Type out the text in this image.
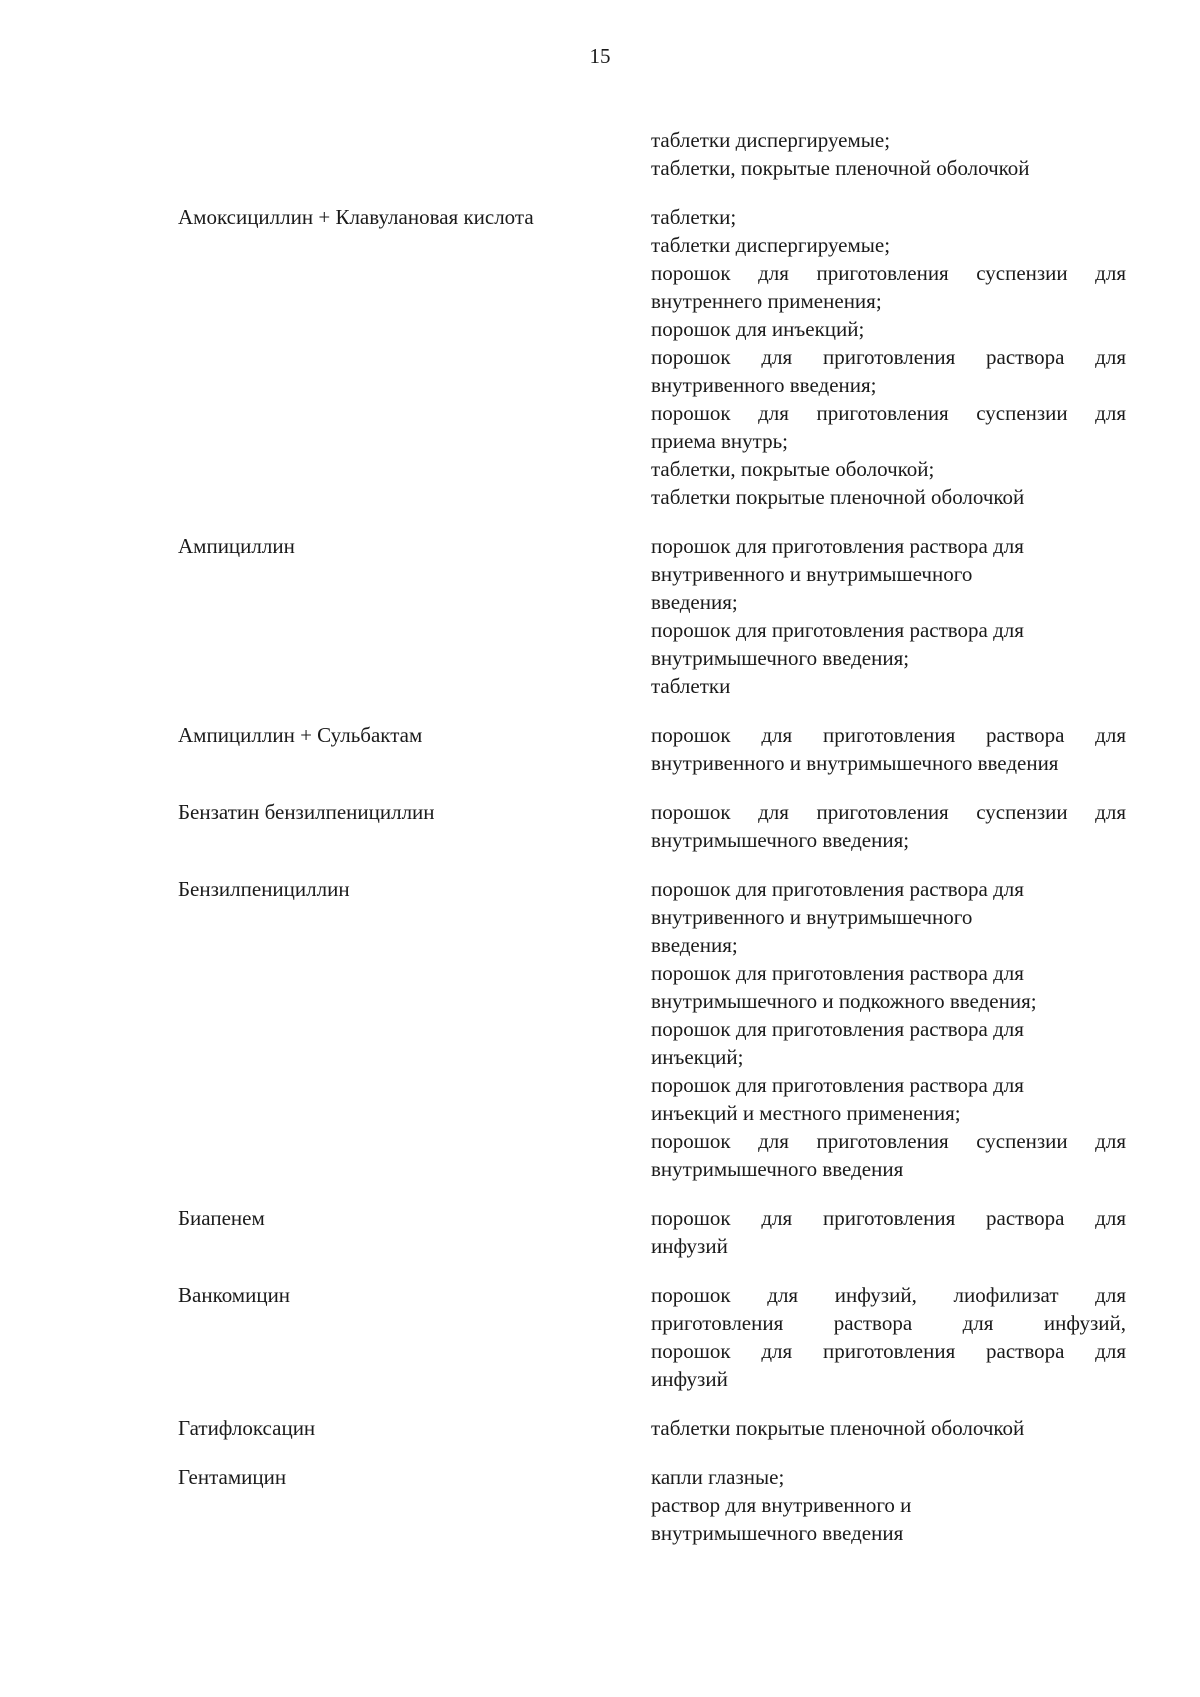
15
таблетки диспергируемые;
таблетки, покрытые пленочной оболочкой
Амоксициллин + Клавулановая кислота	таблетки;
таблетки диспергируемые;
порошок для приготовления суспензии для
внутреннего применения;
порошок для инъекций;
порошок для приготовления раствора для
внутривенного введения;
порошок для приготовления суспензии для
приема внутрь;
таблетки, покрытые оболочкой;
таблетки покрытые пленочной оболочкой
Ампициллин	порошок для приготовления раствора для
внутривенного и внутримышечного
введения;
порошок для приготовления раствора для
внутримышечного введения;
таблетки
Ампициллин + Сульбактам	порошок для приготовления раствора для
внутривенного и внутримышечного введения
Бензатин бензилпенициллин	порошок для приготовления суспензии для
внутримышечного введения;
Бензилпенициллин	порошок для приготовления раствора для
внутривенного и внутримышечного
введения;
порошок для приготовления раствора для
внутримышечного и подкожного введения;
порошок для приготовления раствора для
инъекций;
порошок для приготовления раствора для
инъекций и местного применения;
порошок для приготовления суспензии для
внутримышечного введения
Биапенем	порошок для приготовления раствора для
инфузий
Ванкомицин	порошок для инфузий, лиофилизат для
приготовления раствора для инфузий,
порошок для приготовления раствора для
инфузий
Гатифлоксацин	таблетки покрытые пленочной оболочкой
Гентамицин	капли глазные;
раствор для внутривенного и
внутримышечного введения
